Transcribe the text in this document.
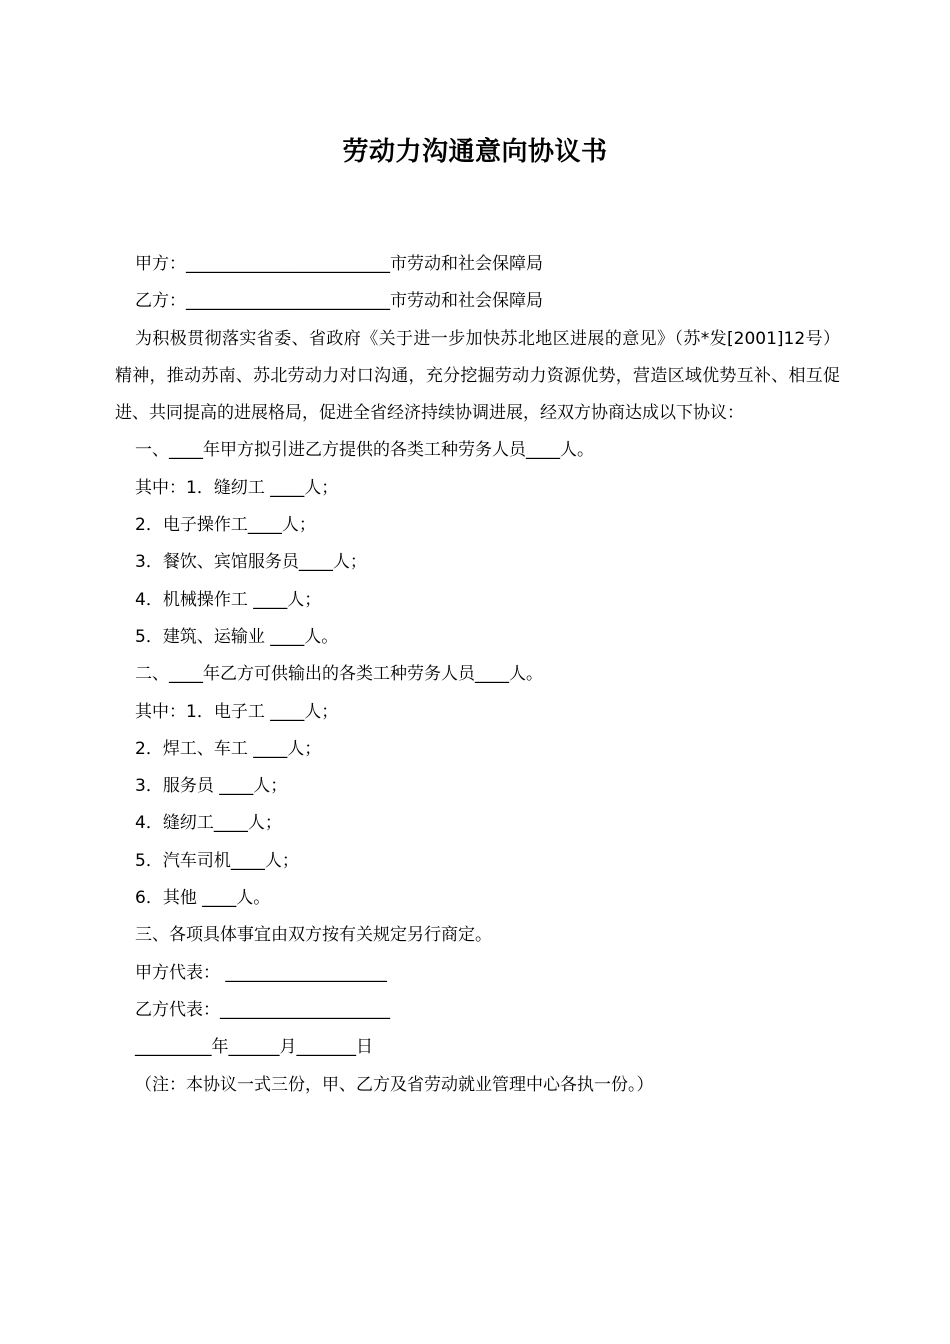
劳动力沟通意向协议书
甲方：________________________市劳动和社会保障局
乙方：________________________市劳动和社会保障局

为积极贯彻落实省委、省政府《关于进一步加快苏北地区进展的意见》（苏*发[2001]12号）精神，推动苏南、苏北劳动力对口沟通，充分挖掘劳动力资源优势，营造区域优势互补、相互促进、共同提高的进展格局，促进全省经济持续协调进展，经双方协商达成以下协议：

一、____年甲方拟引进乙方提供的各类工种劳务人员____人。
其中：1．缝纫工 ____人；
2．电子操作工____人；
3．餐饮、宾馆服务员____人；
4．机械操作工 ____人；
5．建筑、运输业 ____人。
二、____年乙方可供输出的各类工种劳务人员____人。
其中：1．电子工 ____人；
2．焊工、车工 ____人；
3．服务员 ____人；
4．缝纫工____人；
5．汽车司机____人；
6．其他 ____人。
三、各项具体事宜由双方按有关规定另行商定。
甲方代表： ___________________
乙方代表：____________________
_________年______月_______日
（注：本协议一式三份，甲、乙方及省劳动就业管理中心各执一份。）
